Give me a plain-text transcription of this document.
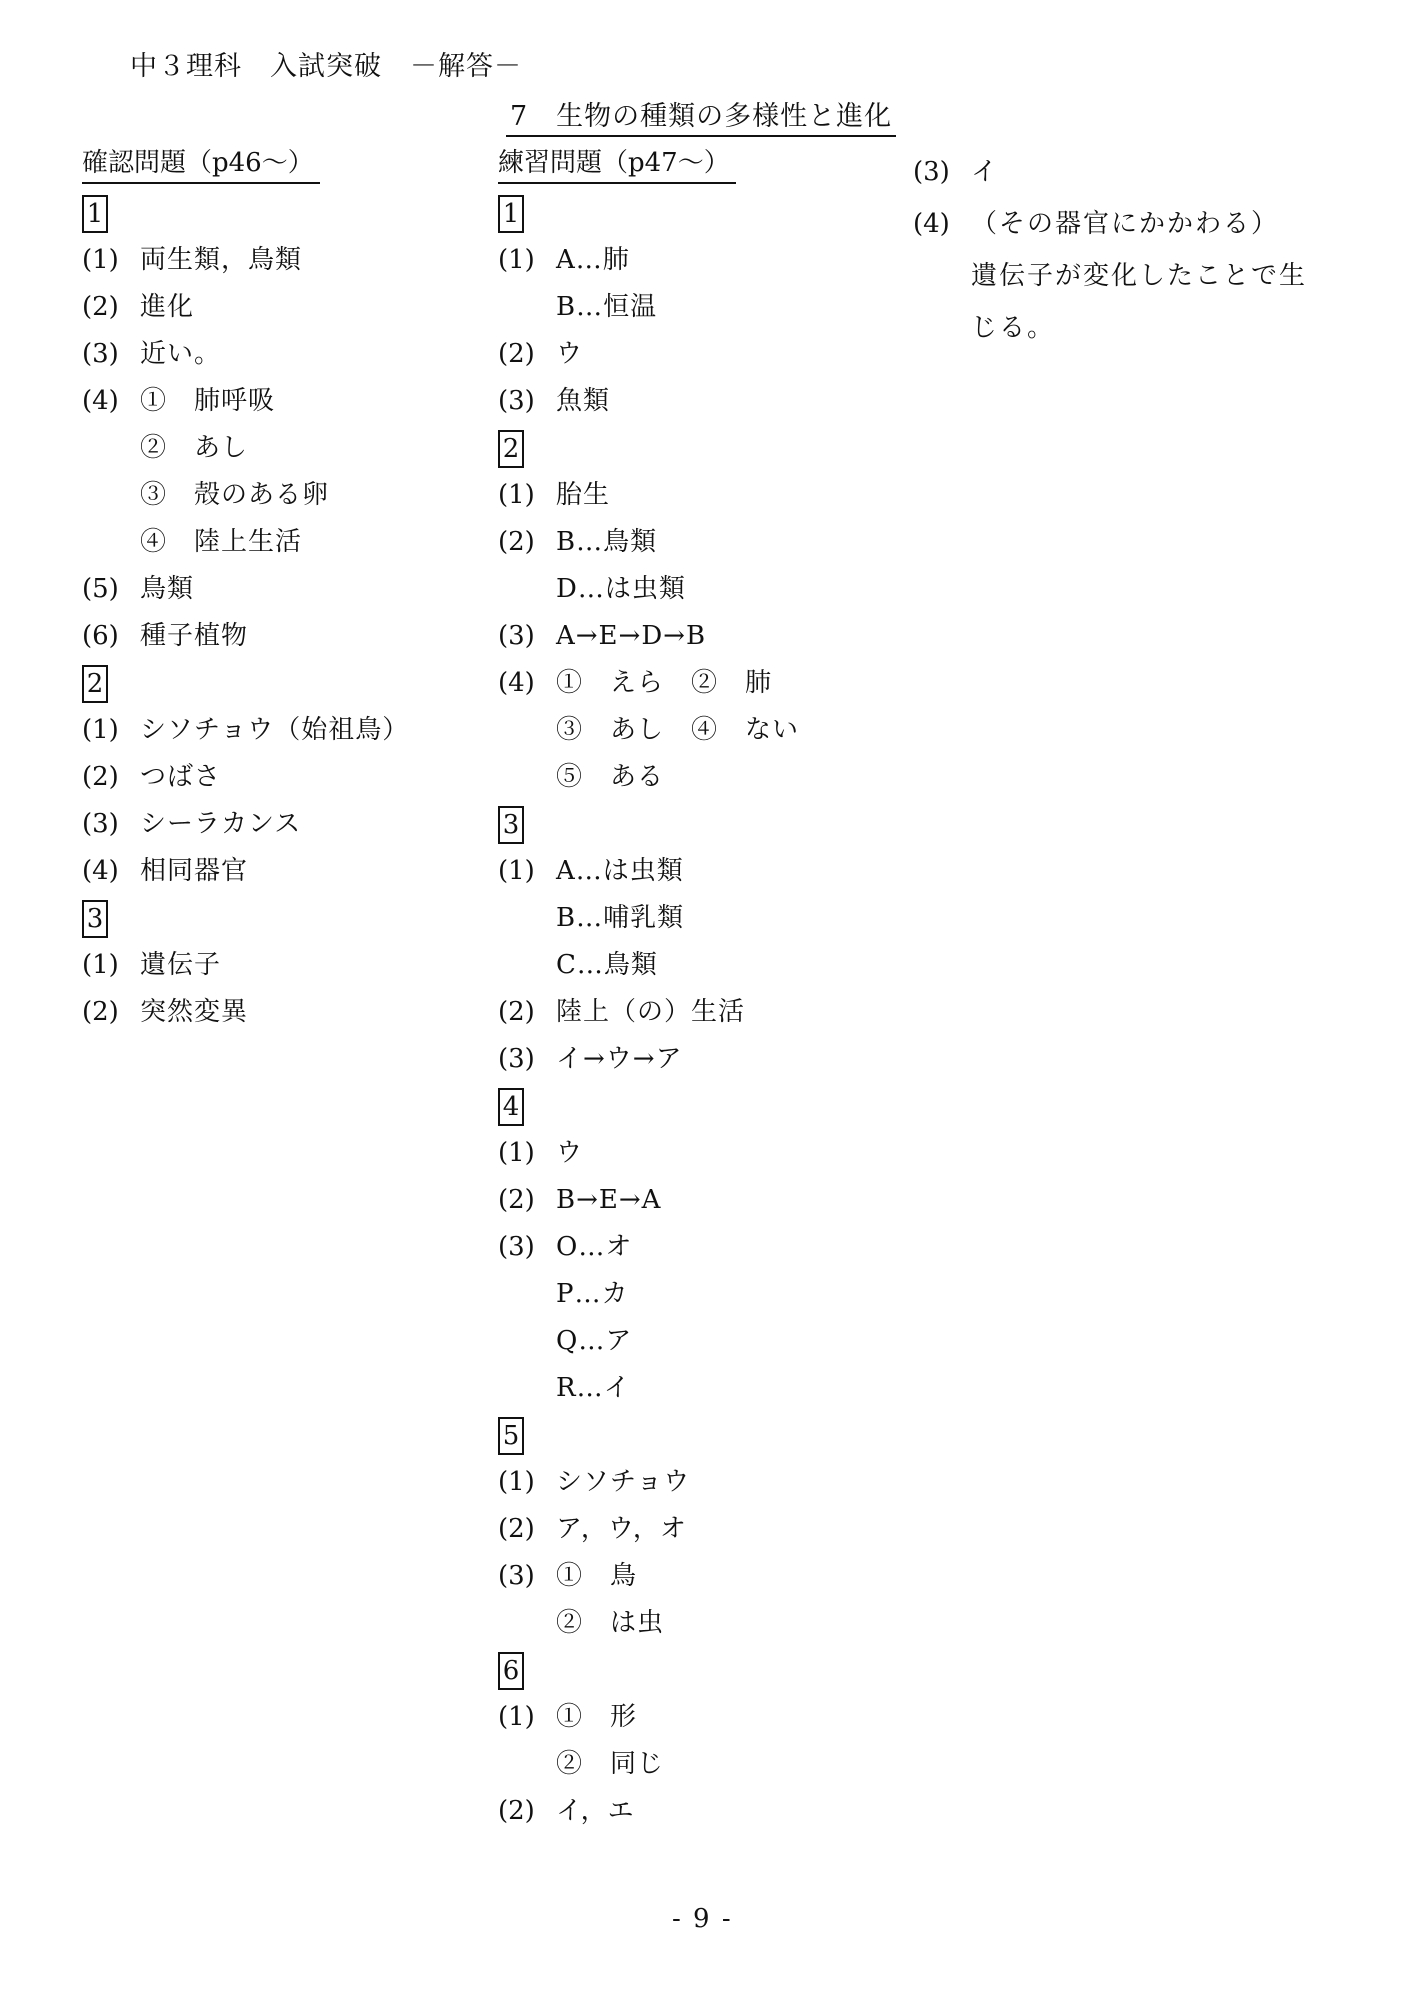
中３理科　入試突破　－解答－
7　生物の種類の多様性と進化
確認問題（p46～）
1
(1) 両生類，鳥類
(2) 進化
(3) 近い。
(4) ①　肺呼吸
②　あし
③　殻のある卵
④　陸上生活
(5) 鳥類
(6) 種子植物
2
(1) シソチョウ（始祖鳥）
(2) つばさ
(3) シーラカンス
(4) 相同器官
3
(1) 遺伝子
(2) 突然変異
練習問題（p47～）
1
(1) A…肺
B…恒温
(2) ウ
(3) 魚類
2
(1) 胎生
(2) B…鳥類
D…は虫類
(3) A→E→D→B
(4) ①　えら　②　肺
③　あし　④　ない
⑤　ある
3
(1) A…は虫類
B…哺乳類
C…鳥類
(2) 陸上（の）生活
(3) イ→ウ→ア
4
(1) ウ
(2) B→E→A
(3) O…オ
P…カ
Q…ア
R…イ
5
(1) シソチョウ
(2) ア，ウ，オ
(3) ①　鳥
②　は虫
6
(1) ①　形
②　同じ
(2) イ，エ
(3) イ
(4) （その器官にかかわる）
遺伝子が変化したことで生
じる。
- 9 -
